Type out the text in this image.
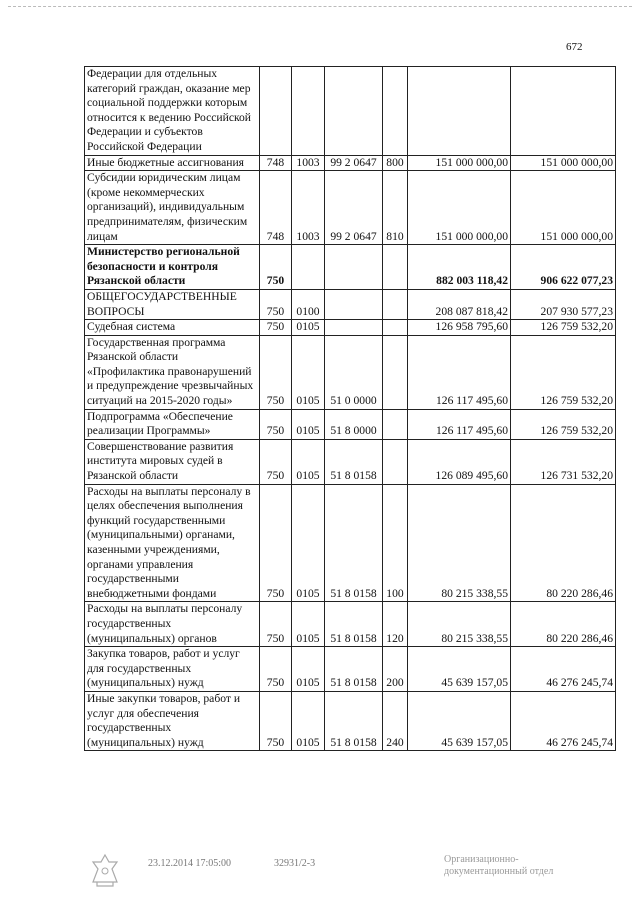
672
Федерации для отдельных категорий граждан, оказание мер социальной поддержки которым относится к ведению Российской Федерации и субъектов Российской Федерации						
Иные бюджетные ассигнования	748	1003	99 2 0647	800	151 000 000,00	151 000 000,00
Субсидии юридическим лицам (кроме некоммерческих организаций), индивидуальным предпринимателям, физическим лицам	748	1003	99 2 0647	810	151 000 000,00	151 000 000,00
Министерство региональной безопасности и контроля Рязанской области	750				882 003 118,42	906 622 077,23
ОБЩЕГОСУДАРСТВЕННЫЕ ВОПРОСЫ	750	0100			208 087 818,42	207 930 577,23
Судебная система	750	0105			126 958 795,60	126 759 532,20
Государственная программа Рязанской области «Профилактика правонарушений и предупреждение чрезвычайных ситуаций на 2015-2020 годы»	750	0105	51 0 0000		126 117 495,60	126 759 532,20
Подпрограмма «Обеспечение реализации Программы»	750	0105	51 8 0000		126 117 495,60	126 759 532,20
Совершенствование развития института мировых судей в Рязанской области	750	0105	51 8 0158		126 089 495,60	126 731 532,20
Расходы на выплаты персоналу в целях обеспечения выполнения функций государственными (муниципальными) органами, казенными учреждениями, органами управления государственными внебюджетными фондами	750	0105	51 8 0158	100	80 215 338,55	80 220 286,46
Расходы на выплаты персоналу государственных (муниципальных) органов	750	0105	51 8 0158	120	80 215 338,55	80 220 286,46
Закупка товаров, работ и услуг для государственных (муниципальных) нужд	750	0105	51 8 0158	200	45 639 157,05	46 276 245,74
Иные закупки товаров, работ и услуг для обеспечения государственных (муниципальных) нужд	750	0105	51 8 0158	240	45 639 157,05	46 276 245,74
23.12.2014 17:05:00	32931/2-3	Организационно-
документационный отдел
